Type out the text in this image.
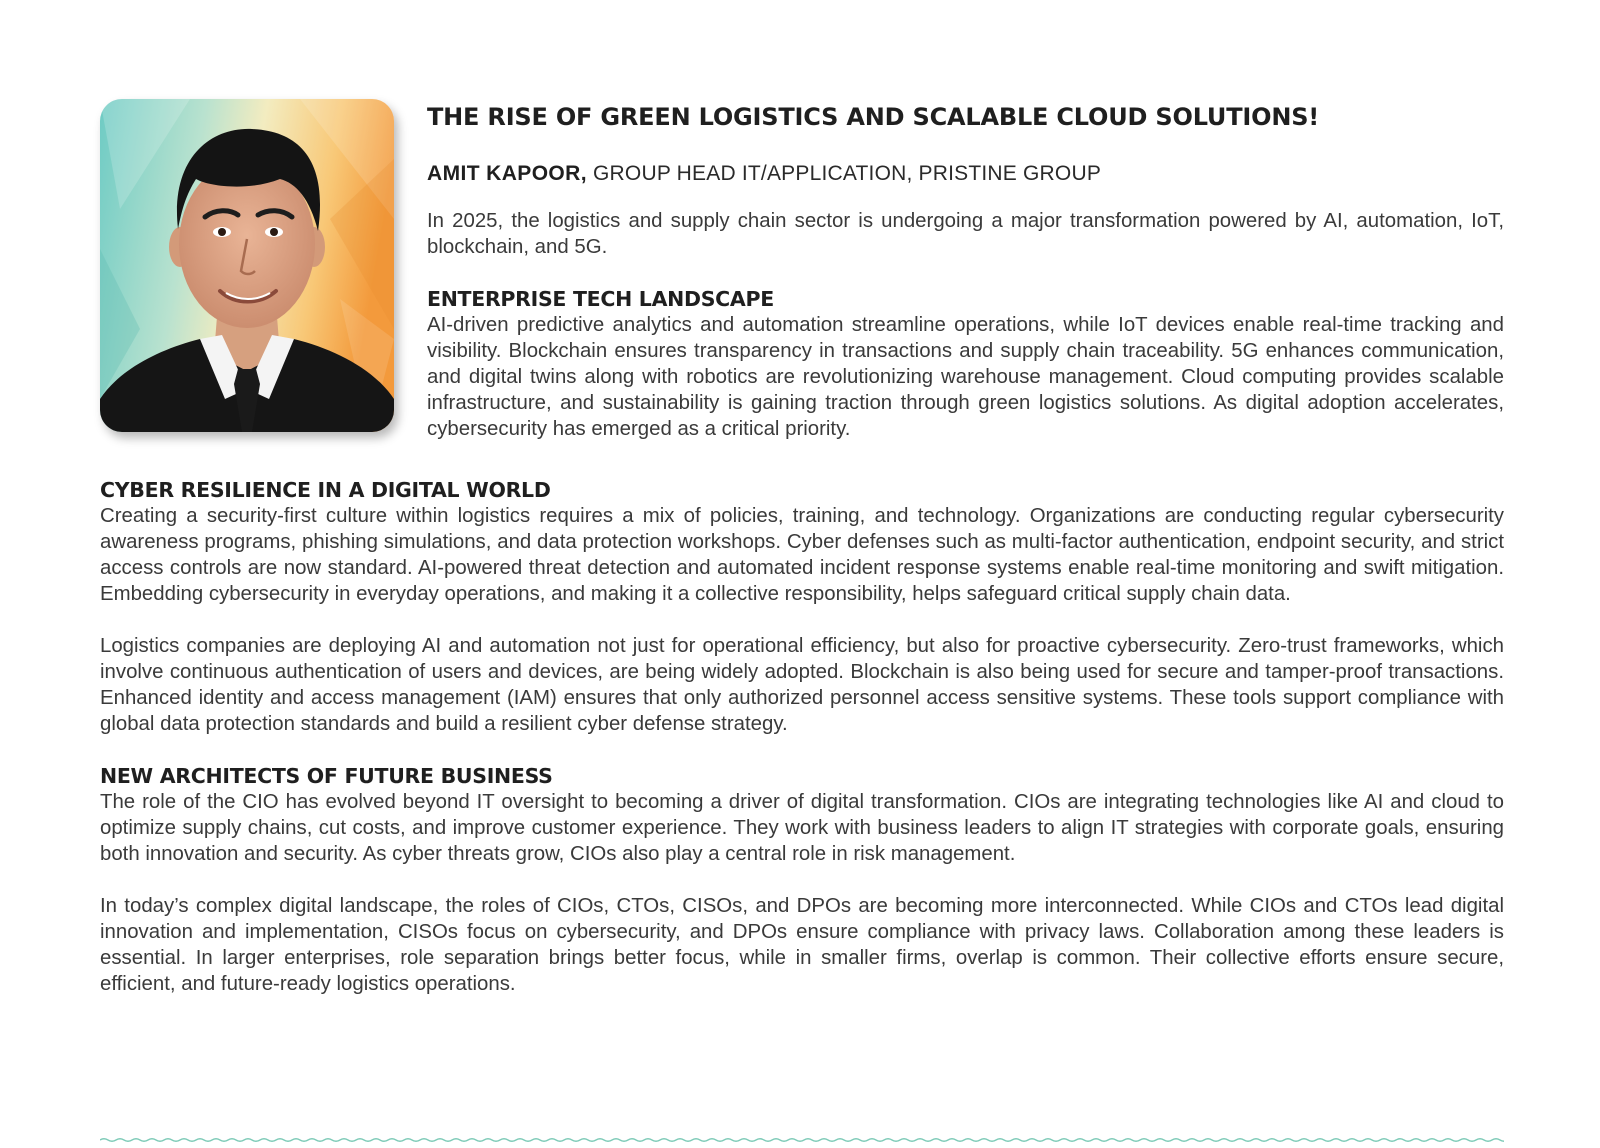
THE RISE OF GREEN LOGISTICS AND SCALABLE CLOUD SOLUTIONS!

AMIT KAPOOR, GROUP HEAD IT/APPLICATION, PRISTINE GROUP

In 2025, the logistics and supply chain sector is undergoing a major transformation powered by AI, automation, IoT, blockchain, and 5G.

ENTERPRISE TECH LANDSCAPE

AI-driven predictive analytics and automation streamline operations, while IoT devices enable real-time tracking and visibility. Blockchain ensures transparency in transactions and supply chain traceability. 5G enhances communication, and digital twins along with robotics are revolutionizing warehouse management. Cloud computing provides scalable infrastructure, and sustainability is gaining traction through green logistics solutions. As digital adoption accelerates, cybersecurity has emerged as a critical priority.

CYBER RESILIENCE IN A DIGITAL WORLD

Creating a security-first culture within logistics requires a mix of policies, training, and technology. Organizations are conducting regular cybersecurity awareness programs, phishing simulations, and data protection workshops. Cyber defenses such as multi-factor authentication, endpoint security, and strict access controls are now standard. AI-powered threat detection and automated incident response systems enable real-time monitoring and swift mitigation. Embedding cybersecurity in everyday operations, and making it a collective responsibility, helps safeguard critical supply chain data.

Logistics companies are deploying AI and automation not just for operational efficiency, but also for proactive cybersecurity. Zero-trust frameworks, which involve continuous authentication of users and devices, are being widely adopted. Blockchain is also being used for secure and tamper-proof transactions. Enhanced identity and access management (IAM) ensures that only authorized personnel access sensitive systems. These tools support compliance with global data protection standards and build a resilient cyber defense strategy.

NEW ARCHITECTS OF FUTURE BUSINESS

The role of the CIO has evolved beyond IT oversight to becoming a driver of digital transformation. CIOs are integrating technologies like AI and cloud to optimize supply chains, cut costs, and improve customer experience. They work with business leaders to align IT strategies with corporate goals, ensuring both innovation and security. As cyber threats grow, CIOs also play a central role in risk management.

In today’s complex digital landscape, the roles of CIOs, CTOs, CISOs, and DPOs are becoming more interconnected. While CIOs and CTOs lead digital innovation and implementation, CISOs focus on cybersecurity, and DPOs ensure compliance with privacy laws. Collaboration among these leaders is essential. In larger enterprises, role separation brings better focus, while in smaller firms, overlap is common. Their collective efforts ensure secure, efficient, and future-ready logistics operations.
